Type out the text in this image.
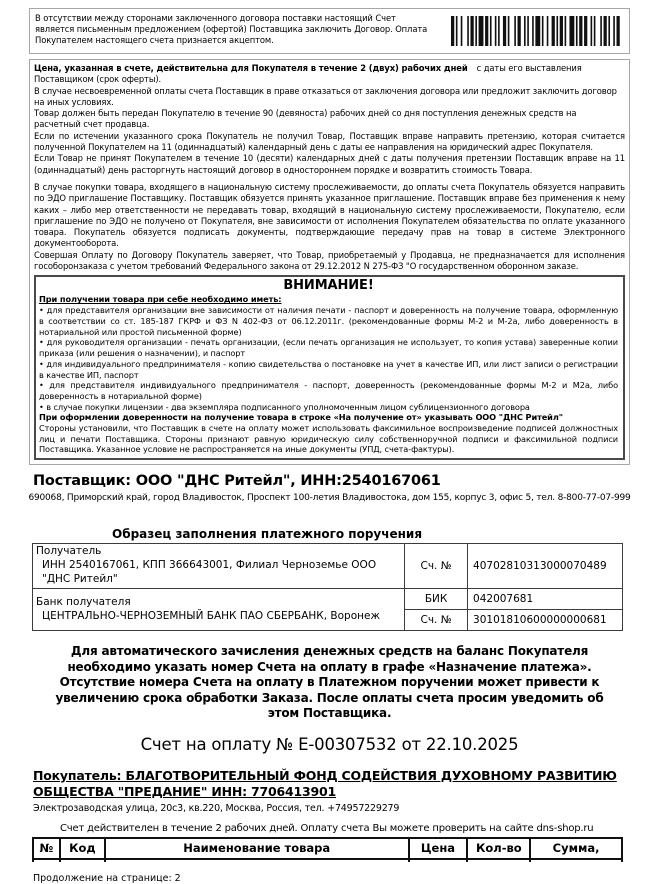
В отсутствии между сторонами заключенного договора поставки настоящий Счет является письменным предложением (офертой) Поставщика заключить Договор. Оплата Покупателем настоящего счета признается акцептом.
Цена, указанная в счете, действительна для Покупателя в течение 2 (двух) рабочих дней с даты его выставления Поставщиком (срок оферты).
В случае несвоевременной оплаты счета Поставщик в праве отказаться от заключения договора или предложит заключить договор на иных условиях.
Товар должен быть передан Покупателю в течение 90 (девяноста) рабочих дней со дня поступления денежных средств на расчетный счет продавца.
Если по истечении указанного срока Покупатель не получил Товар, Поставщик вправе направить претензию, которая считается полученной Покупателем на 11 (одиннадцатый) календарный день с даты ее направления на юридический адрес Покупателя.
Если Товар не принят Покупателем в течение 10 (десяти) календарных дней с даты получения претензии Поставщик вправе на 11 (одиннадцатый) день расторгнуть настоящий договор в одностороннем порядке и возвратить стоимость Товара.
В случае покупки товара, входящего в национальную систему прослеживаемости, до оплаты счета Покупатель обязуется направить по ЭДО приглашение Поставщику. Поставщик обязуется принять указанное приглашение. Поставщик вправе без применения к нему каких – либо мер ответственности не передавать товар, входящий в национальную систему прослеживаемости, Покупателю, если приглашение по ЭДО не получено от Покупателя, вне зависимости от исполнения Покупателем обязательства по оплате указанного товара. Покупатель обязуется подписать документы, подтверждающие передачу прав на товар в системе Электронного документооборота.
Совершая Оплату по Договору Покупатель заверяет, что Товар, приобретаемый у Продавца, не предназначается для исполнения гособоронзаказа с учетом требований Федерального закона от 29.12.2012 N 275-ФЗ "О государственном оборонном заказе.
ВНИМАНИЕ!
При получении товара при себе необходимо иметь:
• для представителя организации вне зависимости от наличия печати - паспорт и доверенность на получение товара, оформленную в соответствии со ст. 185-187 ГКРФ и ФЗ N 402-ФЗ от 06.12.2011г. (рекомендованные формы М-2 и М-2а, либо доверенность в нотариальной или простой письменной форме)
• для руководителя организации - печать организации, (если печать организация не использует, то копия устава) заверенные копии приказа (или решения о назначении), и паспорт
• для индивидуального предпринимателя - копию свидетельства о постановке на учет в качестве ИП, или лист записи о регистрации в качестве ИП, паспорт
• для представителя индивидуального предпринимателя - паспорт, доверенность (рекомендованные формы М-2 и М2а, либо доверенность в нотариальной форме)
• в случае покупки лицензии - два экземпляра подписанного уполномоченным лицом сублицензионного договора
При оформлении доверенности на получение товара в строке «На получение от» указывать ООО "ДНС Ритейл"
Стороны установили, что Поставщик в счете на оплату может использовать факсимильное воспроизведение подписей должностных лиц и печати Поставщика. Стороны признают равную юридическую силу собственноручной подписи и факсимильной подписи Поставщика. Указанное условие не распространяется на иные документы (УПД, счета-фактуры).
Поставщик: ООО "ДНС Ритейл", ИНН:2540167061
690068, Приморский край, город Владивосток, Проспект 100-летия Владивостока, дом 155, корпус 3, офис 5, тел. 8-800-77-07-999
Образец заполнения платежного поручения
Получатель
ИНН 2540167061, КПП 366643001, Филиал Черноземье ООО "ДНС Ритейл"	Сч. №	40702810313000070489

Банк получателя
ЦЕНТРАЛЬНО-ЧЕРНОЗЕМНЫЙ БАНК ПАО СБЕРБАНК, Воронеж	БИК	042007681
	Сч. №	30101810600000000681
Для автоматического зачисления денежных средств на баланс Покупателя необходимо указать номер Счета на оплату в графе «Назначение платежа». Отсутствие номера Счета на оплату в Платежном поручении может привести к увеличению срока обработки Заказа. После оплаты счета просим уведомить об этом Поставщика.
Счет на оплату № Е-00307532 от 22.10.2025
Покупатель: БЛАГОТВОРИТЕЛЬНЫЙ ФОНД СОДЕЙСТВИЯ ДУХОВНОМУ РАЗВИТИЮ ОБЩЕСТВА "ПРЕДАНИЕ" ИНН: 7706413901
Электрозаводская улица, 20с3, кв.220, Москва, Россия, тел. +74957229279
Счет действителен в течение 2 рабочих дней. Оплату счета Вы можете проверить на сайте dns-shop.ru
№	Код	Наименование товара	Цена	Кол-во	Сумма,

Продолжение на странице: 2
